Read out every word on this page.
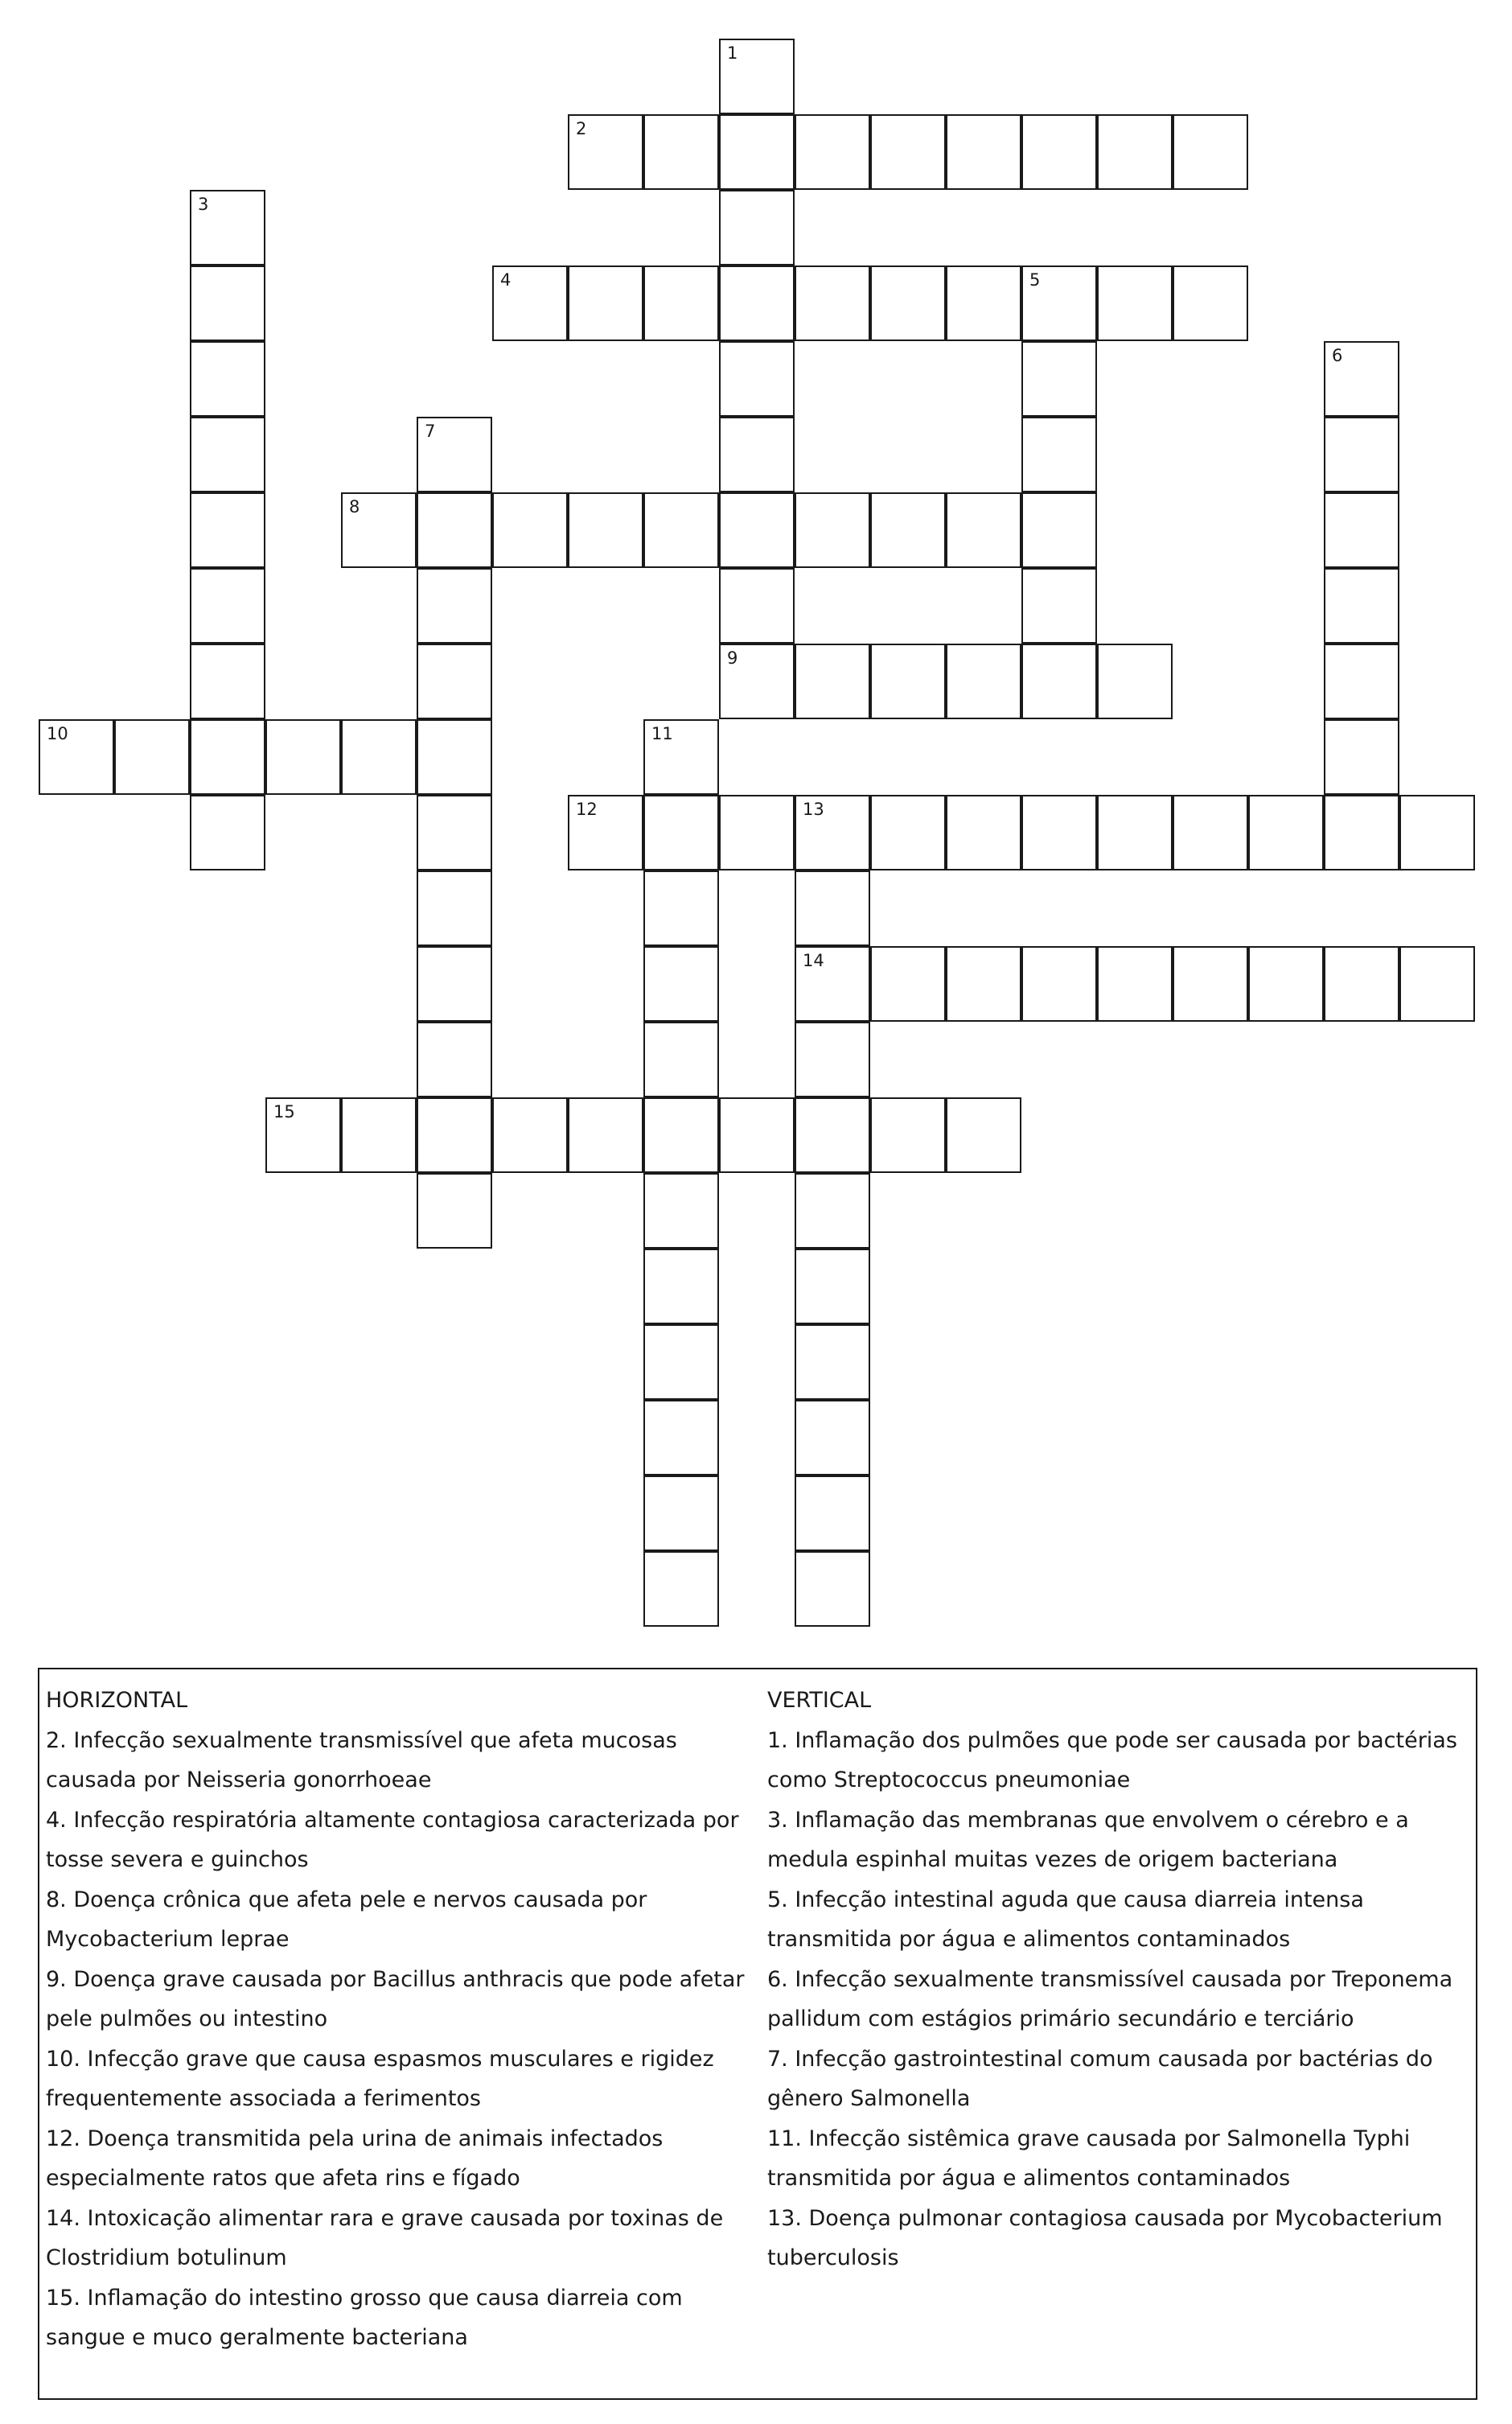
1
2
3
4	5
6
7
8
9
10	11
12	13
14
15
HORIZONTAL
2. Infecção sexualmente transmissível que afeta mucosas
causada por Neisseria gonorrhoeae
4. Infecção respiratória altamente contagiosa caracterizada por
tosse severa e guinchos
8. Doença crônica que afeta pele e nervos causada por
Mycobacterium leprae
9. Doença grave causada por Bacillus anthracis que pode afetar
pele pulmões ou intestino
10. Infecção grave que causa espasmos musculares e rigidez
frequentemente associada a ferimentos
12. Doença transmitida pela urina de animais infectados
especialmente ratos que afeta rins e fígado
14. Intoxicação alimentar rara e grave causada por toxinas de
Clostridium botulinum
15. Inflamação do intestino grosso que causa diarreia com
sangue e muco geralmente bacteriana
VERTICAL
1. Inflamação dos pulmões que pode ser causada por bactérias
como Streptococcus pneumoniae
3. Inflamação das membranas que envolvem o cérebro e a
medula espinhal muitas vezes de origem bacteriana
5. Infecção intestinal aguda que causa diarreia intensa
transmitida por água e alimentos contaminados
6. Infecção sexualmente transmissível causada por Treponema
pallidum com estágios primário secundário e terciário
7. Infecção gastrointestinal comum causada por bactérias do
gênero Salmonella
11. Infecção sistêmica grave causada por Salmonella Typhi
transmitida por água e alimentos contaminados
13. Doença pulmonar contagiosa causada por Mycobacterium
tuberculosis
